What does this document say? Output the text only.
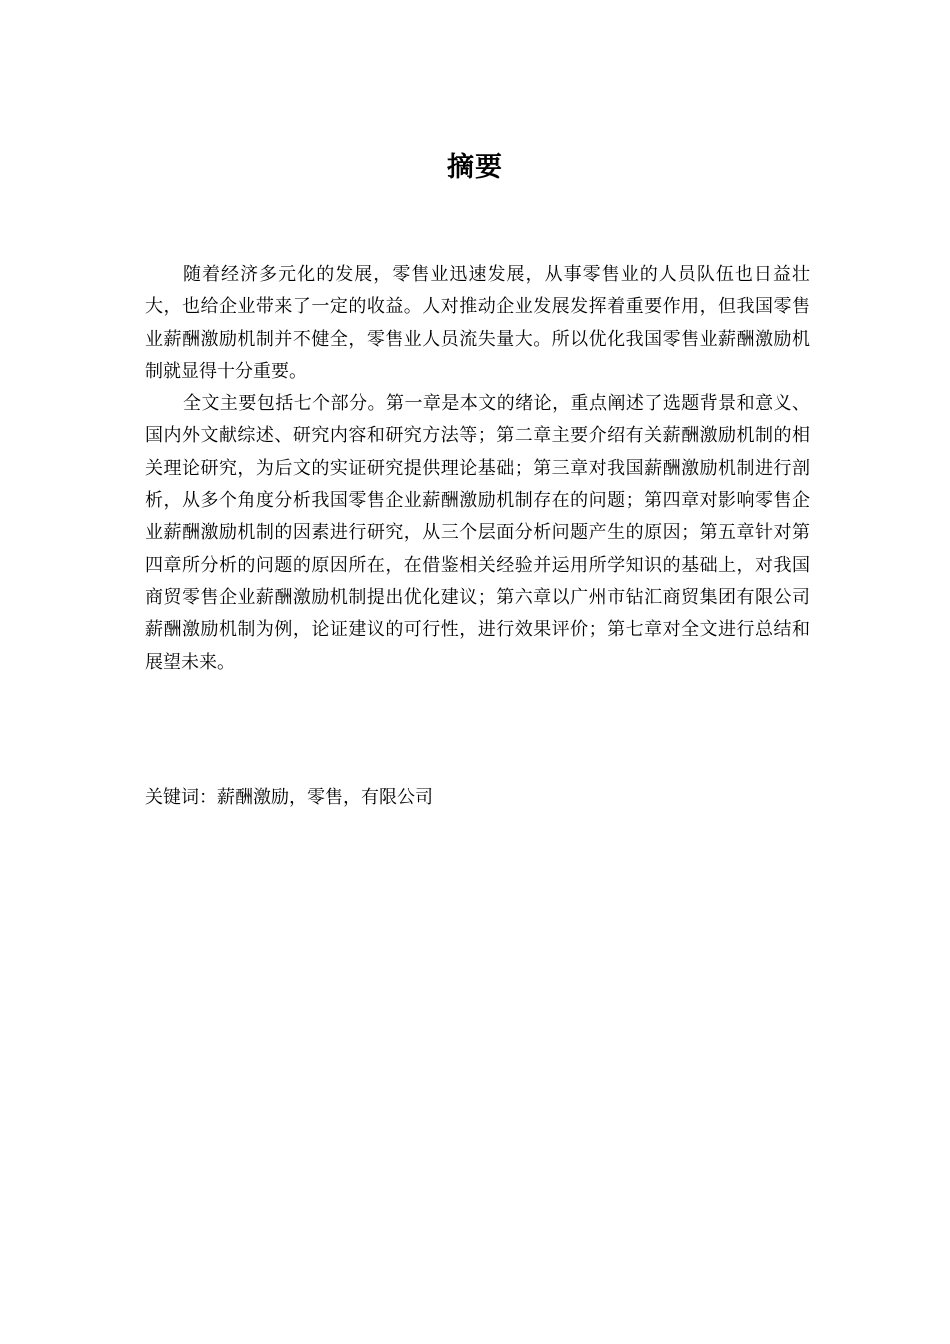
摘要

随着经济多元化的发展，零售业迅速发展，从事零售业的人员队伍也日益壮大，也给企业带来了一定的收益。人对推动企业发展发挥着重要作用，但我国零售业薪酬激励机制并不健全，零售业人员流失量大。所以优化我国零售业薪酬激励机制就显得十分重要。

全文主要包括七个部分。第一章是本文的绪论，重点阐述了选题背景和意义、国内外文献综述、研究内容和研究方法等；第二章主要介绍有关薪酬激励机制的相关理论研究，为后文的实证研究提供理论基础；第三章对我国薪酬激励机制进行剖析，从多个角度分析我国零售企业薪酬激励机制存在的问题；第四章对影响零售企业薪酬激励机制的因素进行研究，从三个层面分析问题产生的原因；第五章针对第四章所分析的问题的原因所在，在借鉴相关经验并运用所学知识的基础上，对我国商贸零售企业薪酬激励机制提出优化建议；第六章以广州市钻汇商贸集团有限公司薪酬激励机制为例，论证建议的可行性，进行效果评价；第七章对全文进行总结和展望未来。

关键词：薪酬激励，零售，有限公司
